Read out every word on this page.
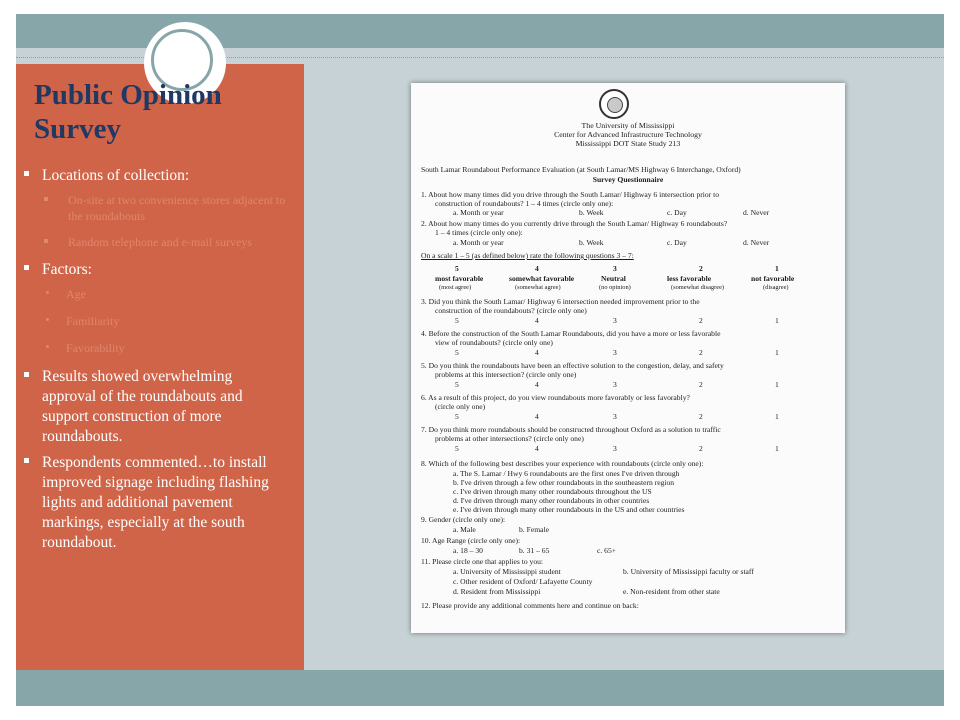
Public Opinion Survey
Locations of collection:
On-site at two convenience stores adjacent to the roundabouts
Random telephone and e-mail surveys
Factors:
Age
Familiarity
Favorability
Results showed overwhelming approval of the roundabouts and support construction of more roundabouts.
Respondents commented…to install improved signage including flashing lights and additional pavement markings, especially at the south roundabout.
The University of Mississippi
Center for Advanced Infrastructure Technology
Mississippi DOT State Study 213
South Lamar Roundabout Performance Evaluation (at South Lamar/MS Highway 6 Interchange, Oxford)
Survey Questionnaire
1. About how many times did you drive through the South Lamar/ Highway 6 intersection prior to
construction of roundabouts? 1 – 4 times (circle only one):
a. Month or year	b. Week	c. Day	d. Never
2. About how many times do you currently drive through the South Lamar/ Highway 6 roundabouts?
1 – 4 times (circle only one):
a. Month or year	b. Week	c. Day	d. Never
On a scale 1 – 5 (as defined below) rate the following questions 3 – 7:
5	4	3	2	1
most favorable	somewhat favorable	Neutral	less favorable	not favorable
(most agree)	(somewhat agree)	(no opinion)	(somewhat disagree)	(disagree)
3. Did you think the South Lamar/ Highway 6 intersection needed improvement prior to the
construction of the roundabouts? (circle only one)
5	4	3	2	1
4. Before the construction of the South Lamar Roundabouts, did you have a more or less favorable
view of roundabouts? (circle only one)
5	4	3	2	1
5. Do you think the roundabouts have been an effective solution to the congestion, delay, and safety
problems at this intersection? (circle only one)
5	4	3	2	1
6. As a result of this project, do you view roundabouts more favorably or less favorably?
(circle only one)
5	4	3	2	1
7. Do you think more roundabouts should be constructed throughout Oxford as a solution to traffic
problems at other intersections? (circle only one)
5	4	3	2	1
8. Which of the following best describes your experience with roundabouts (circle only one):
a. The S. Lamar / Hwy 6 roundabouts are the first ones I've driven through
b. I've driven through a few other roundabouts in the southeastern region
c. I've driven through many other roundabouts throughout the US
d. I've driven through many other roundabouts in other countries
e. I've driven through many other roundabouts in the US and other countries
9. Gender (circle only one):
a. Male	b. Female
10. Age Range (circle only one):
a. 18 – 30	b. 31 – 65	c. 65+
11. Please circle one that applies to you:
a. University of Mississippi student	b. University of Mississippi faculty or staff
c. Other resident of Oxford/ Lafayette County
d. Resident from Mississippi	e. Non-resident from other state
12. Please provide any additional comments here and continue on back:
